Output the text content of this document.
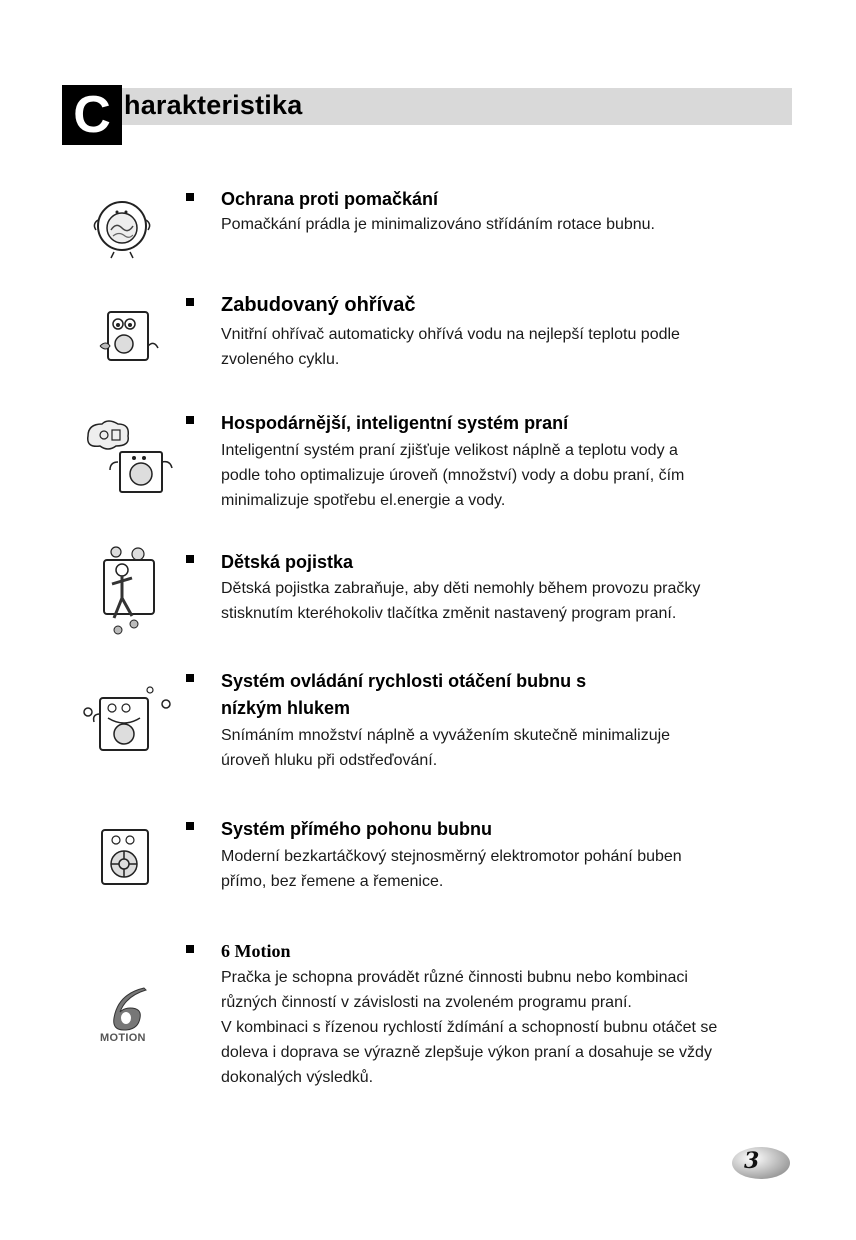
C harakteristika
Ochrana proti pomačkání
Pomačkání prádla je minimalizováno střídáním rotace bubnu.
Zabudovaný ohřívač
Vnitřní ohřívač automaticky ohřívá vodu na nejlepší teplotu podle
zvoleného cyklu.
Hospodárnější, inteligentní systém praní
Inteligentní systém praní zjišťuje velikost náplně a teplotu vody a
podle toho optimalizuje úroveň (množství) vody a dobu praní, čím
minimalizuje spotřebu el.energie a vody.
Dětská pojistka
Dětská pojistka zabraňuje, aby děti nemohly během provozu pračky
stisknutím kteréhokoliv tlačítka změnit nastavený program praní.
Systém ovládání rychlosti otáčení bubnu s
nízkým hlukem
Snímáním množství náplně a vyvážením skutečně minimalizuje
úroveň hluku při odstřeďování.
Systém přímého pohonu bubnu
Moderní bezkartáčkový stejnosměrný elektromotor pohání buben
přímo, bez řemene a řemenice.
MOTION
6 Motion
Pračka je schopna provádět různé činnosti bubnu nebo kombinaci
různých činností v závislosti na zvoleném programu praní.
V kombinaci s řízenou rychlostí ždímání a schopností bubnu otáčet se
doleva i doprava se výrazně zlepšuje výkon praní a dosahuje se vždy
dokonalých výsledků.
3
